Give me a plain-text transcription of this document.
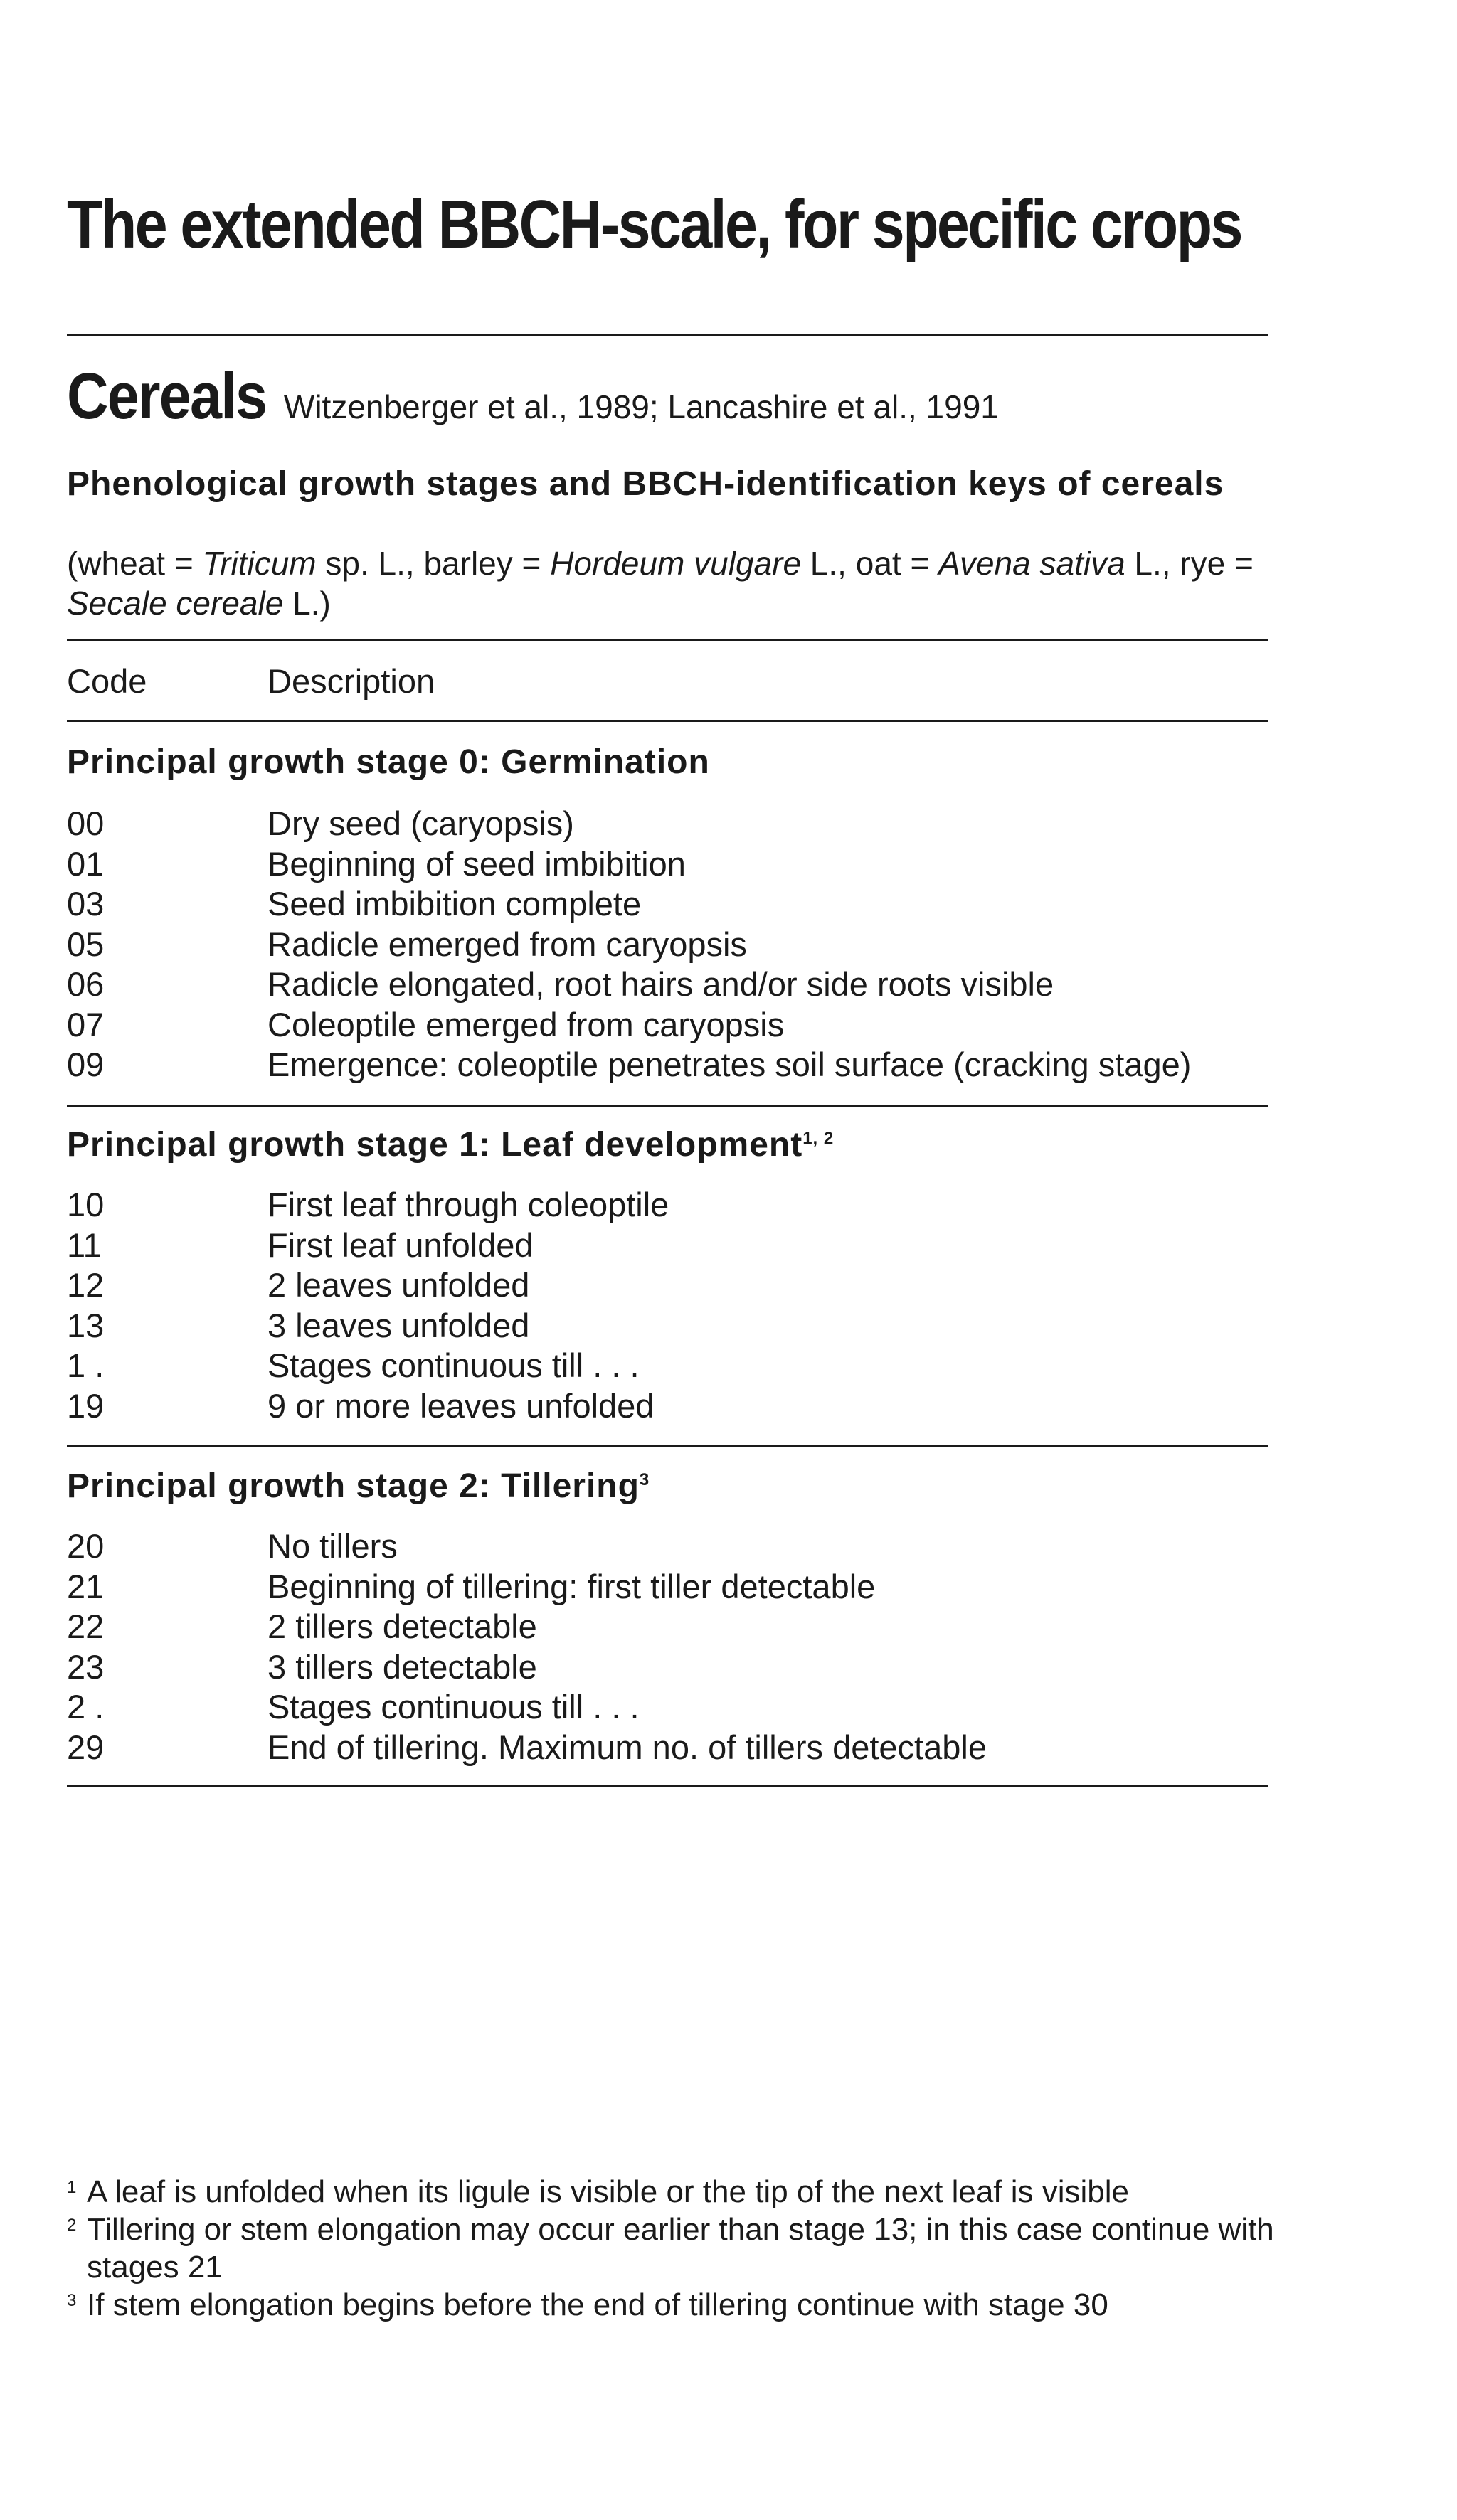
The extended BBCH-scale, for specific crops
Cereals Witzenberger et al., 1989; Lancashire et al., 1991
Phenological growth stages and BBCH-identification keys of cereals
(wheat = Triticum sp. L., barley = Hordeum vulgare L., oat = Avena sativa L., rye = Secale cereale L.)
Code	Description
Principal growth stage 0: Germination
00	Dry seed (caryopsis)
01	Beginning of seed imbibition
03	Seed imbibition complete
05	Radicle emerged from caryopsis
06	Radicle elongated, root hairs and/or side roots visible
07	Coleoptile emerged from caryopsis
09	Emergence: coleoptile penetrates soil surface (cracking stage)
Principal growth stage 1: Leaf development$^{1, 2}$
10	First leaf through coleoptile
11	First leaf unfolded
12	2 leaves unfolded
13	3 leaves unfolded
1 .	Stages continuous till . . .
19	9 or more leaves unfolded
Principal growth stage 2: Tillering$^3$
20	No tillers
21	Beginning of tillering: first tiller detectable
22	2 tillers detectable
23	3 tillers detectable
2 .	Stages continuous till . . .
29	End of tillering. Maximum no. of tillers detectable
1 A leaf is unfolded when its ligule is visible or the tip of the next leaf is visible
2 Tillering or stem elongation may occur earlier than stage 13; in this case continue with stages 21
3 If stem elongation begins before the end of tillering continue with stage 30
